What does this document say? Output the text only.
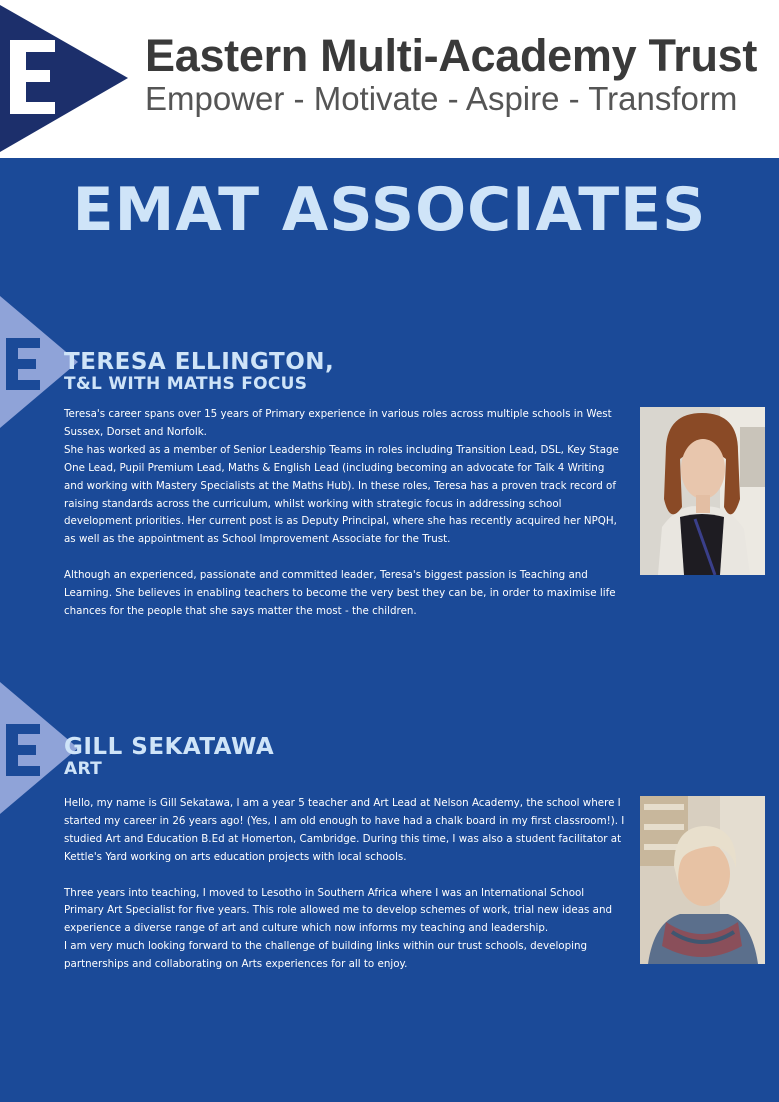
Eastern Multi-Academy Trust
Empower - Motivate - Aspire - Transform
EMAT ASSOCIATES
TERESA ELLINGTON,
T&L WITH MATHS FOCUS

Teresa's career spans over 15 years of Primary experience in various roles across multiple schools in West Sussex, Dorset and Norfolk.
She has worked as a member of Senior Leadership Teams in roles including Transition Lead, DSL, Key Stage One Lead, Pupil Premium Lead, Maths & English Lead (including becoming an advocate for Talk 4 Writing and working with Mastery Specialists at the Maths Hub). In these roles, Teresa has a proven track record of raising standards across the curriculum, whilst working with strategic focus in addressing school development priorities. Her current post is as Deputy Principal, where she has recently acquired her NPQH, as well as the appointment as School Improvement Associate for the Trust.

Although an experienced, passionate and committed leader, Teresa's biggest passion is Teaching and Learning. She believes in enabling teachers to become the very best they can be, in order to maximise life chances for the people that she says matter the most - the children.

GILL SEKATAWA
ART

Hello, my name is Gill Sekatawa, I am a year 5 teacher and Art Lead at Nelson Academy, the school where I started my career in 26 years ago! (Yes, I am old enough to have had a chalk board in my first classroom!). I studied Art and Education B.Ed at Homerton, Cambridge. During this time, I was also a student facilitator at Kettle's Yard working on arts education projects with local schools.

Three years into teaching, I moved to Lesotho in Southern Africa where I was an International School Primary Art Specialist for five years. This role allowed me to develop schemes of work, trial new ideas and experience a diverse range of art and culture which now informs my teaching and leadership.
I am very much looking forward to the challenge of building links within our trust schools, developing partnerships and collaborating on Arts experiences for all to enjoy.
